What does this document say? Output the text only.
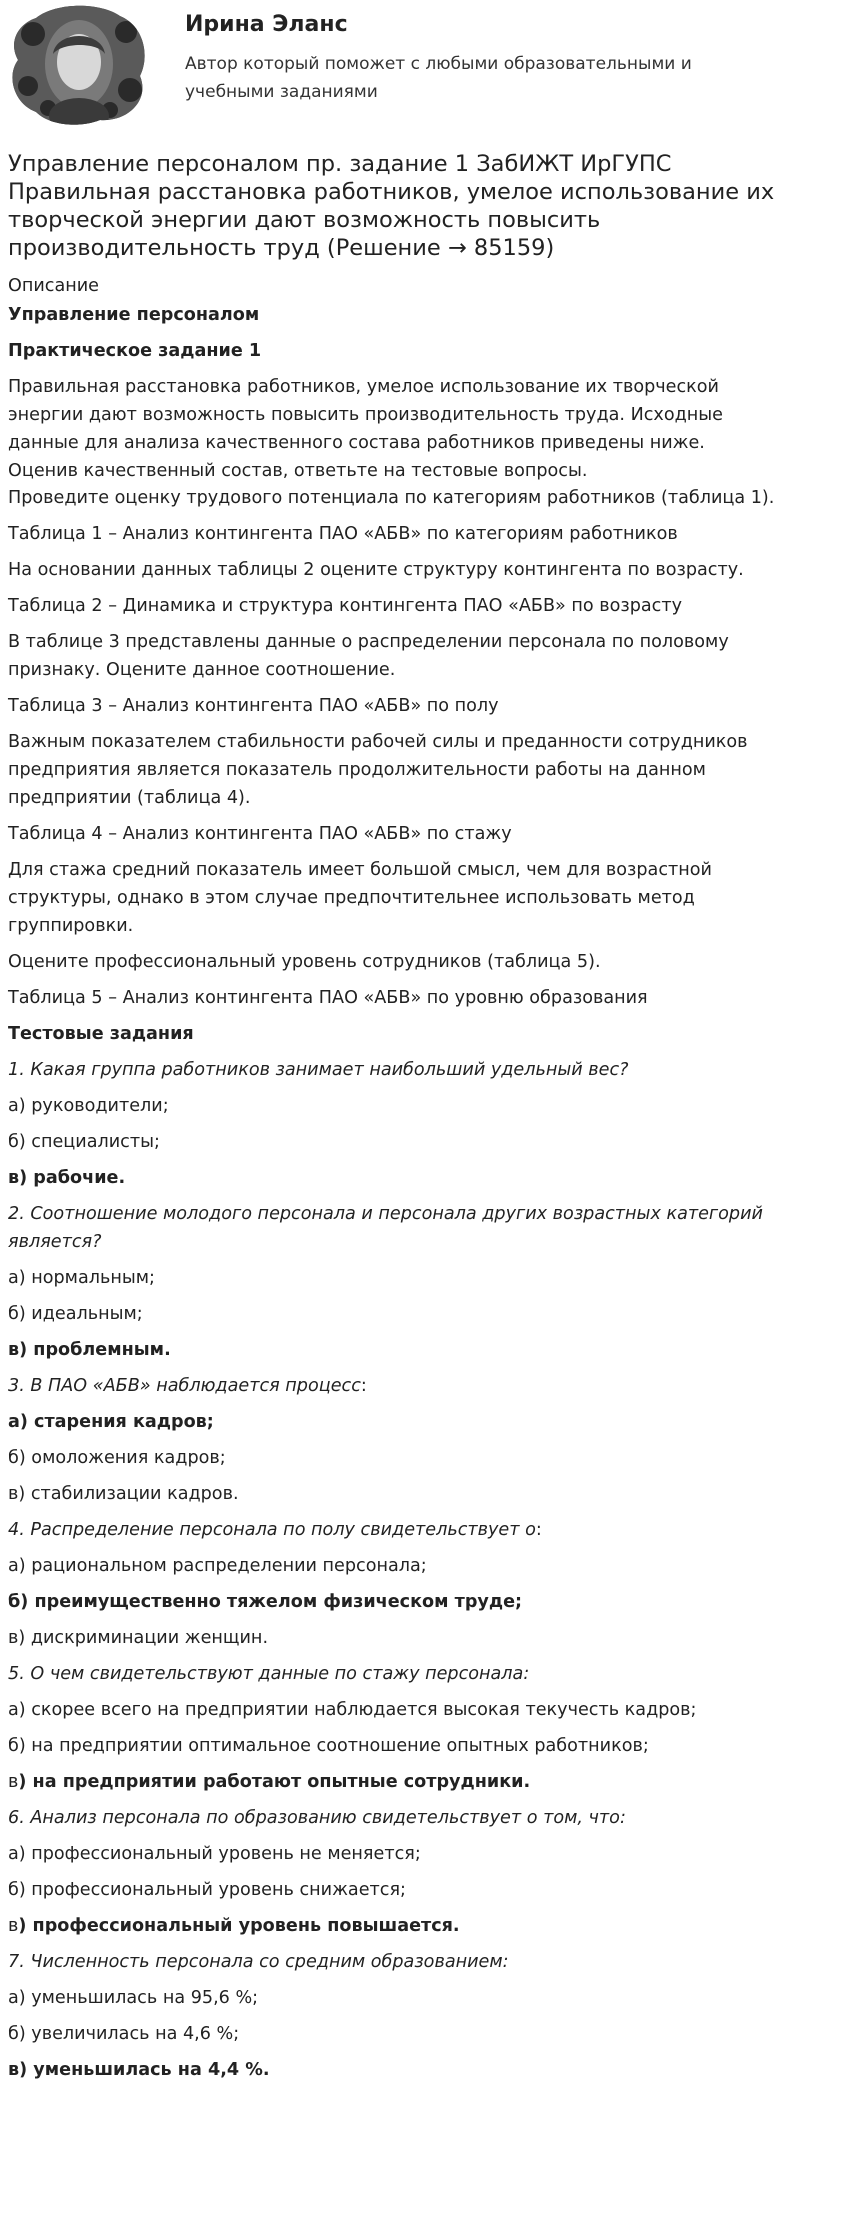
Ирина Эланс
Автор который поможет с любыми образовательными и
учебными заданиями
Управление персоналом пр. задание 1 ЗабИЖТ ИрГУПС
Правильная расстановка работников, умелое использование их
творческой энергии дают возможность повысить
производительность труд (Решение → 85159)
Описание
Управление персоналом
Практическое задание 1
Правильная расстановка работников, умелое использование их творческой
энергии дают возможность повысить производительность труда. Исходные
данные для анализа качественного состава работников приведены ниже.
Оценив качественный состав, ответьте на тестовые вопросы.
Проведите оценку трудового потенциала по категориям работников (таблица 1).
Таблица 1 – Анализ контингента ПАО «АБВ» по категориям работников
На основании данных таблицы 2 оцените структуру контингента по возрасту.
Таблица 2 – Динамика и структура контингента ПАО «АБВ» по возрасту
В таблице 3 представлены данные о распределении персонала по половому
признаку. Оцените данное соотношение.
Таблица 3 – Анализ контингента ПАО «АБВ» по полу
Важным показателем стабильности рабочей силы и преданности сотрудников
предприятия является показатель продолжительности работы на данном
предприятии (таблица 4).
Таблица 4 – Анализ контингента ПАО «АБВ» по стажу
Для стажа средний показатель имеет большой смысл, чем для возрастной
структуры, однако в этом случае предпочтительнее использовать метод
группировки.
Оцените профессиональный уровень сотрудников (таблица 5).
Таблица 5 – Анализ контингента ПАО «АБВ» по уровню образования
Тестовые задания
1. Какая группа работников занимает наибольший удельный вес?
а) руководители;
б) специалисты;
в) рабочие.
2. Соотношение молодого персонала и персонала других возрастных категорий
является?
а) нормальным;
б) идеальным;
в) проблемным.
3. В ПАО «АБВ» наблюдается процесс:
а) старения кадров;
б) омоложения кадров;
в) стабилизации кадров.
4. Распределение персонала по полу свидетельствует о:
а) рациональном распределении персонала;
б) преимущественно тяжелом физическом труде;
в) дискриминации женщин.
5. О чем свидетельствуют данные по стажу персонала:
а) скорее всего на предприятии наблюдается высокая текучесть кадров;
б) на предприятии оптимальное соотношение опытных работников;
в) на предприятии работают опытные сотрудники.
6. Анализ персонала по образованию свидетельствует о том, что:
а) профессиональный уровень не меняется;
б) профессиональный уровень снижается;
в) профессиональный уровень повышается.
7. Численность персонала со средним образованием:
а) уменьшилась на 95,6 %;
б) увеличилась на 4,6 %;
в) уменьшилась на 4,4 %.
